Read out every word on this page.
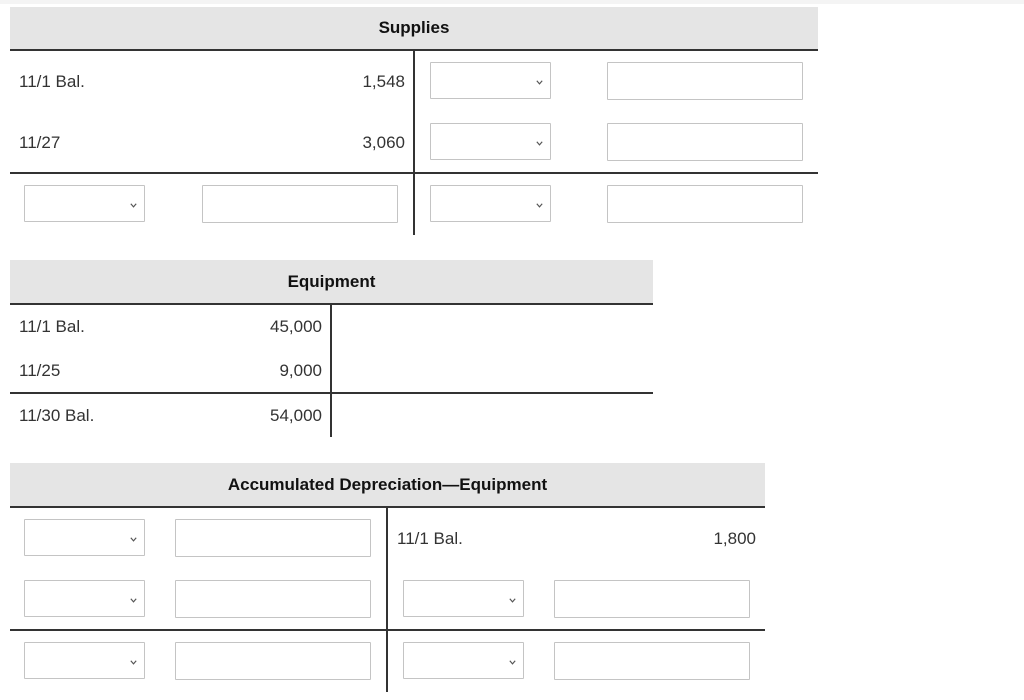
Supplies
11/1 Bal.	1,548
11/27	3,060
Equipment
11/1 Bal.	45,000
11/25	9,000
11/30 Bal.	54,000
Accumulated Depreciation—Equipment
11/1 Bal.	1,800
